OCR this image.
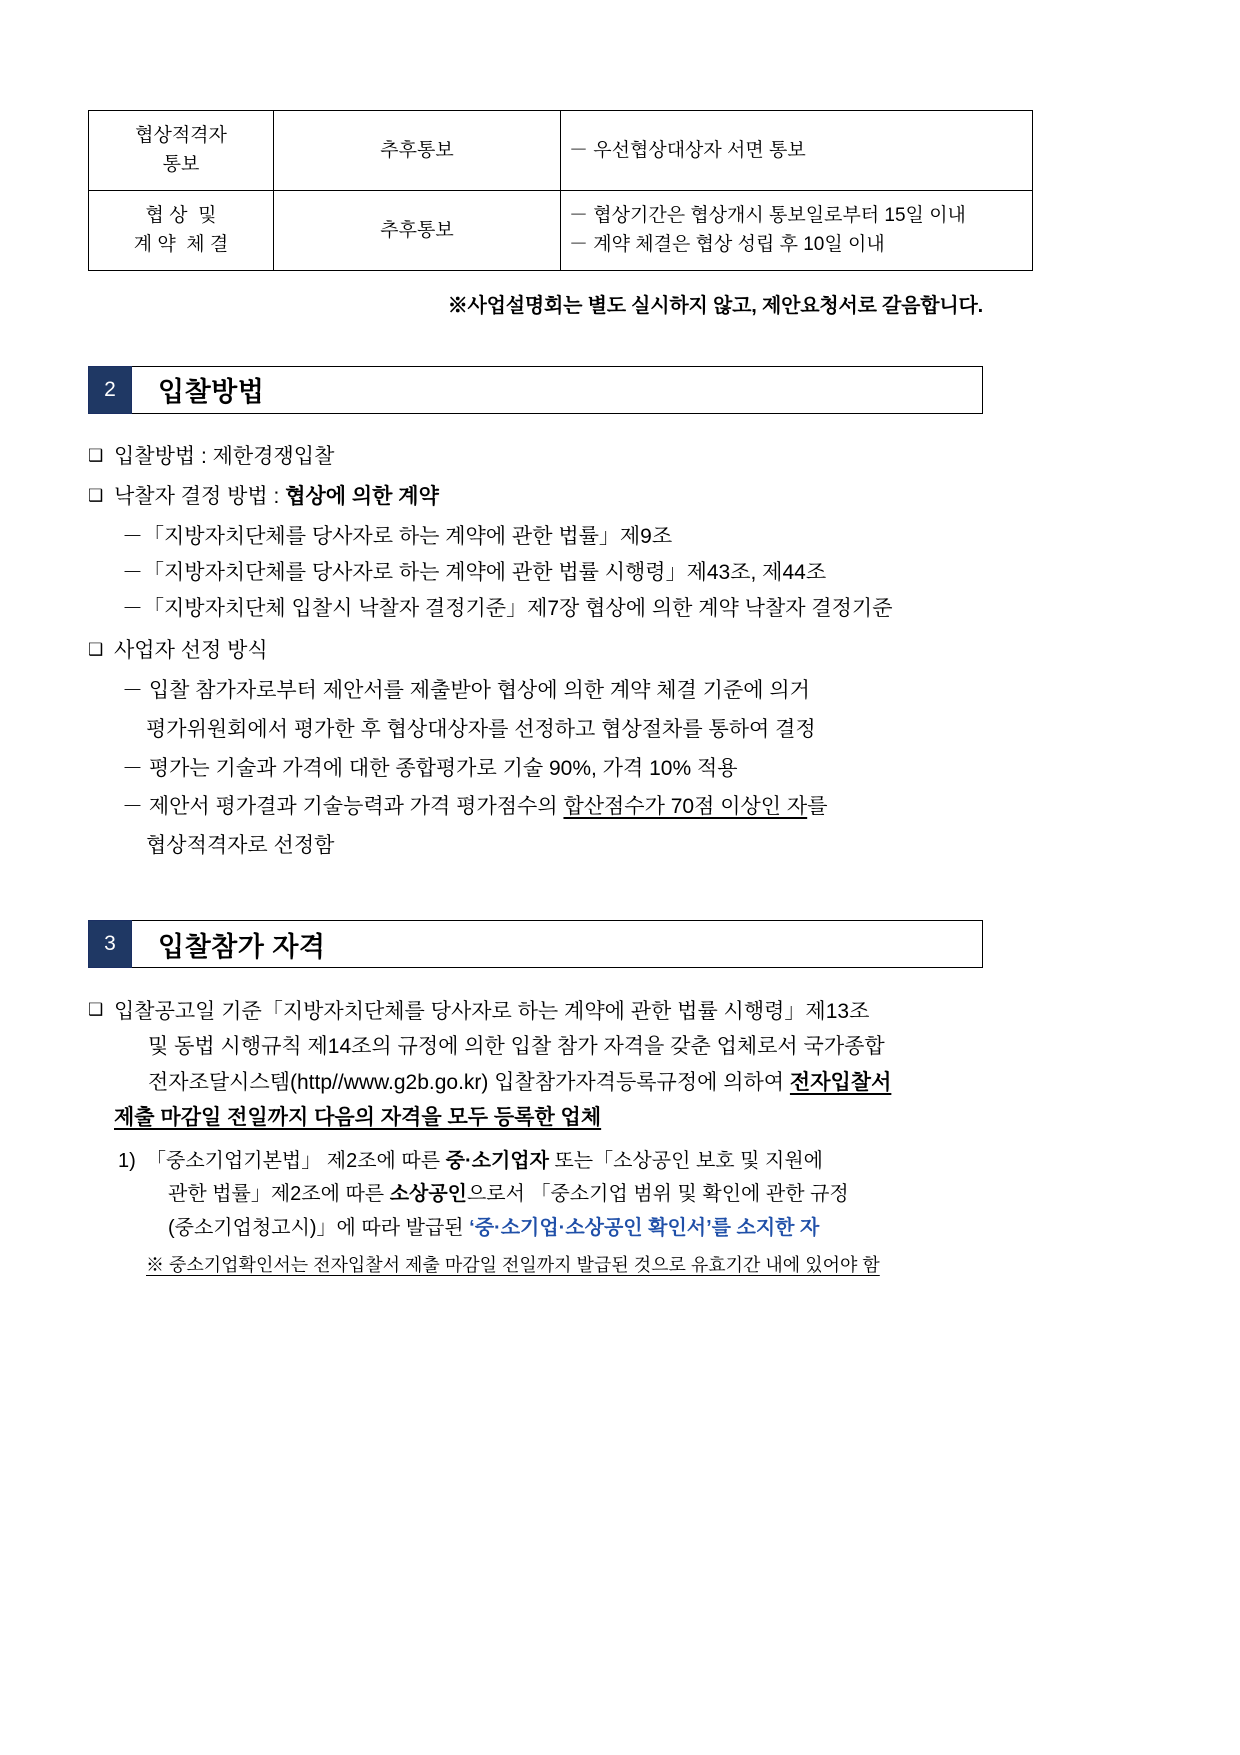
협상적격자
통보	추후통보	－ 우선협상대상자 서면 통보

협 상  및
계 약  체 결	추후통보	－ 협상기간은 협상개시 통보일로부터 15일 이내
－ 계약 체결은 협상 성립 후 10일 이내
※사업설명회는 별도 실시하지 않고, 제안요청서로 갈음합니다.
2	입찰방법
❑ 입찰방법 : 제한경쟁입찰
❑ 낙찰자 결정 방법 : 협상에 의한 계약
－「지방자치단체를 당사자로 하는 계약에 관한 법률」제9조
－「지방자치단체를 당사자로 하는 계약에 관한 법률 시행령」제43조, 제44조
－「지방자치단체 입찰시 낙찰자 결정기준」제7장 협상에 의한 계약 낙찰자 결정기준
❑ 사업자 선정 방식
－ 입찰 참가자로부터 제안서를 제출받아 협상에 의한 계약 체결 기준에 의거
평가위원회에서 평가한 후 협상대상자를 선정하고 협상절차를 통하여 결정
－ 평가는 기술과 가격에 대한 종합평가로 기술 90%, 가격 10% 적용
－ 제안서 평가결과 기술능력과 가격 평가점수의 합산점수가 70점 이상인 자를
협상적격자로 선정함
3	입찰참가 자격
❑ 입찰공고일 기준「지방자치단체를 당사자로 하는 계약에 관한 법률 시행령」제13조
및 동법 시행규칙 제14조의 규정에 의한 입찰 참가 자격을 갖춘 업체로서 국가종합
전자조달시스템(http//www.g2b.go.kr) 입찰참가자격등록규정에 의하여 전자입찰서
제출 마감일 전일까지 다음의 자격을 모두 등록한 업체
1) 「중소기업기본법」 제2조에 따른 중·소기업자 또는「소상공인 보호 및 지원에
관한 법률」제2조에 따른 소상공인으로서 「중소기업 범위 및 확인에 관한 규정
(중소기업청고시)」에 따라 발급된 ‘중·소기업·소상공인 확인서’를 소지한 자
※ 중소기업확인서는 전자입찰서 제출 마감일 전일까지 발급된 것으로 유효기간 내에 있어야 함
